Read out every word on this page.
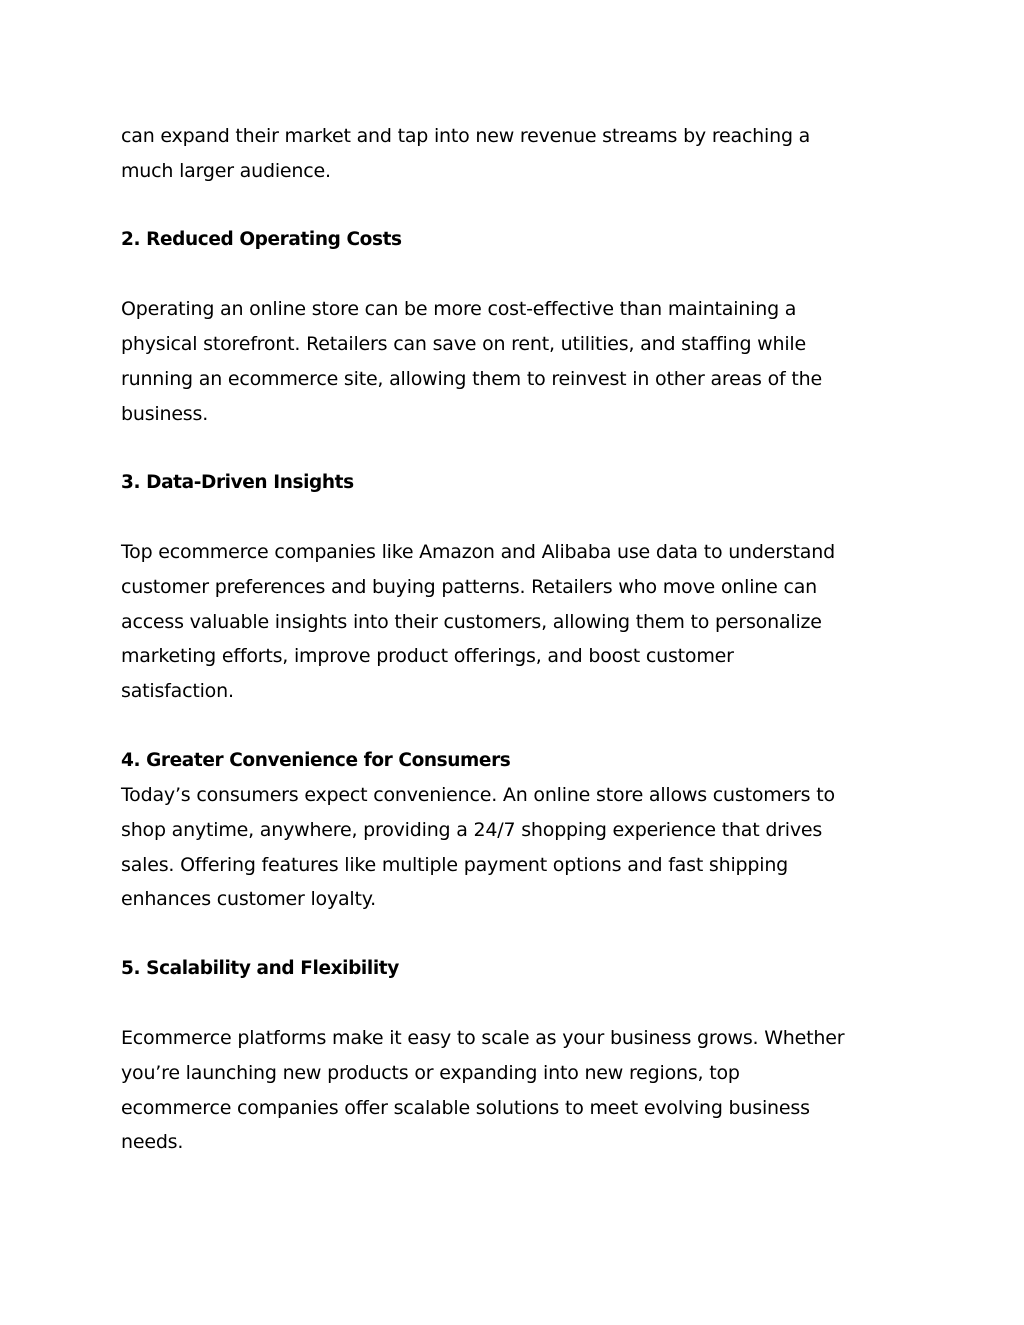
can expand their market and tap into new revenue streams by reaching a

much larger audience.

2. Reduced Operating Costs

Operating an online store can be more cost-effective than maintaining a

physical storefront. Retailers can save on rent, utilities, and staffing while

running an ecommerce site, allowing them to reinvest in other areas of the

business.

3. Data-Driven Insights

Top ecommerce companies like Amazon and Alibaba use data to understand

customer preferences and buying patterns. Retailers who move online can

access valuable insights into their customers, allowing them to personalize

marketing efforts, improve product offerings, and boost customer

satisfaction.

4. Greater Convenience for Consumers

Today’s consumers expect convenience. An online store allows customers to

shop anytime, anywhere, providing a 24/7 shopping experience that drives

sales. Offering features like multiple payment options and fast shipping

enhances customer loyalty.

5. Scalability and Flexibility

Ecommerce platforms make it easy to scale as your business grows. Whether

you’re launching new products or expanding into new regions, top

ecommerce companies offer scalable solutions to meet evolving business

needs.
